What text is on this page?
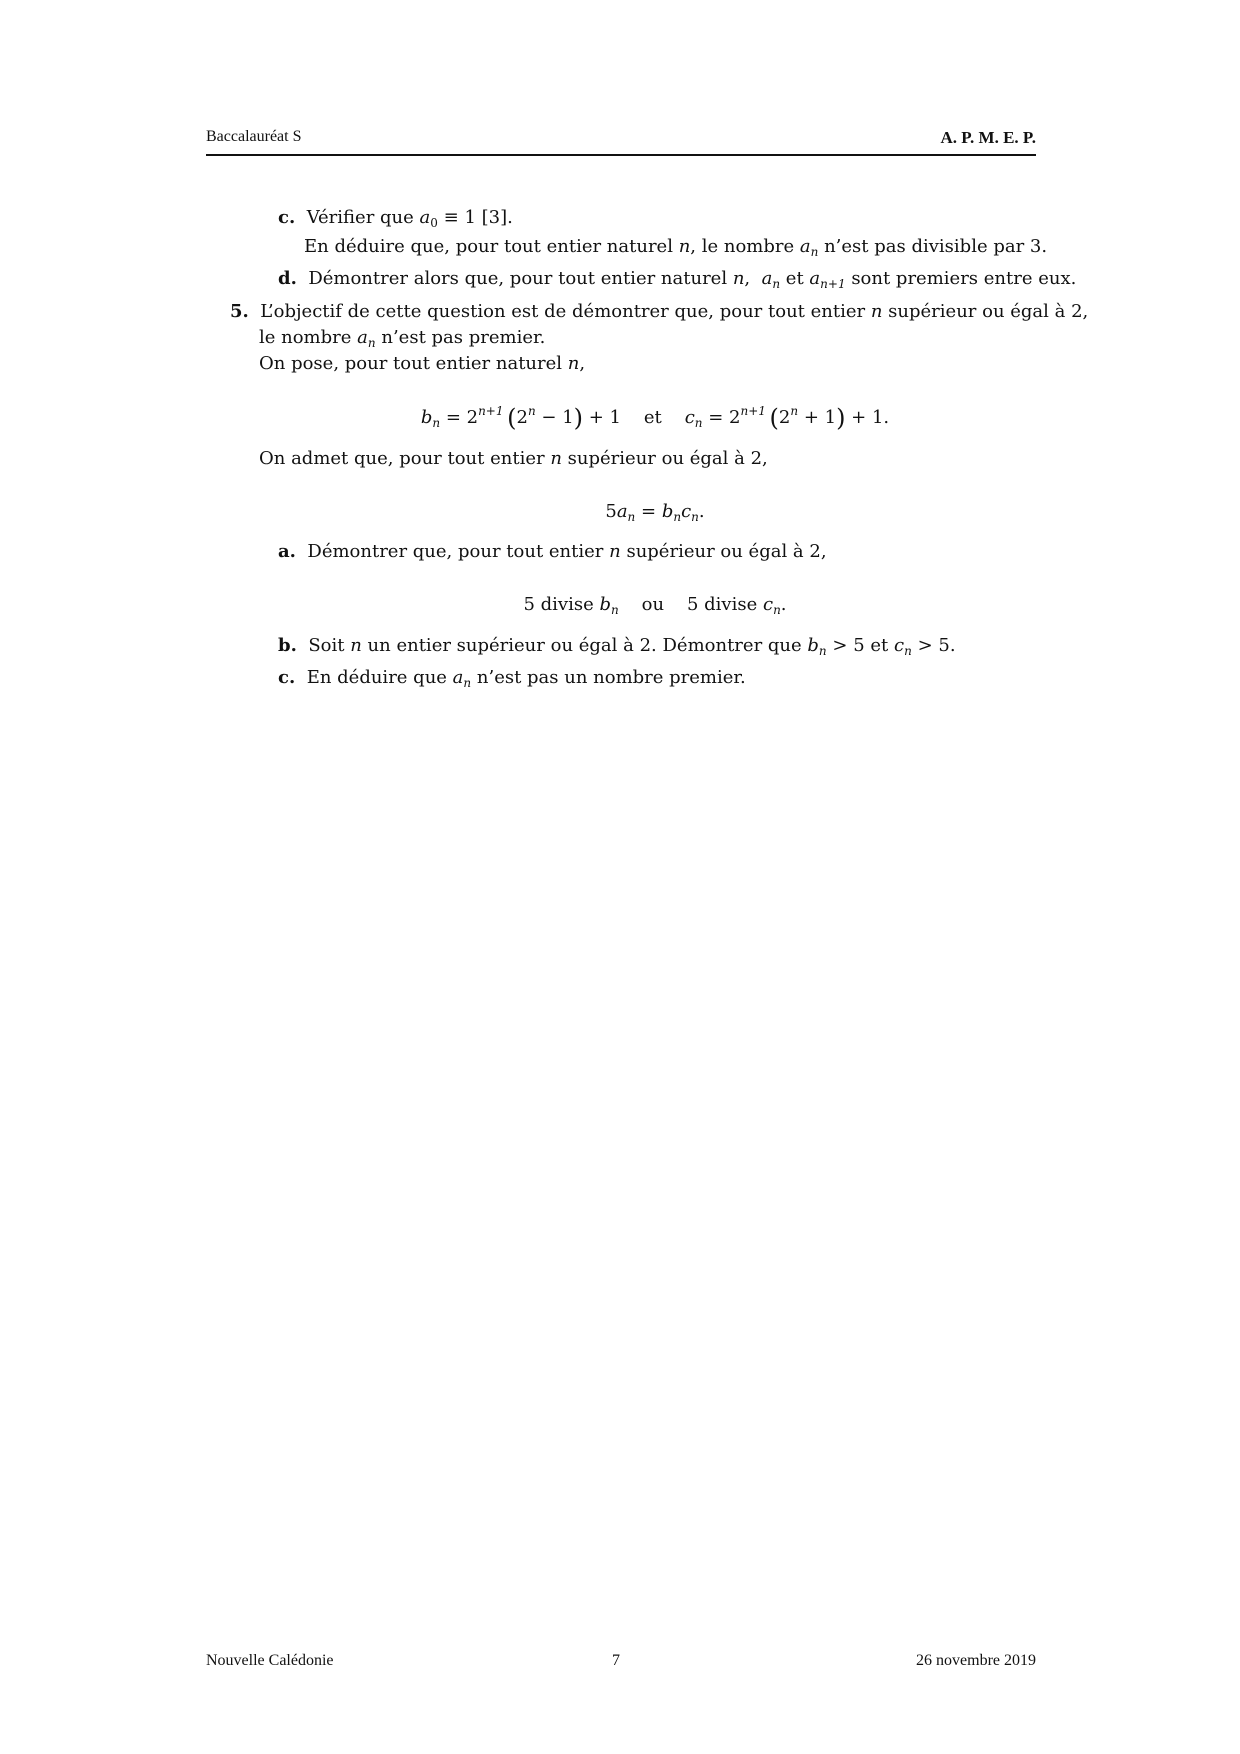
Baccalauréat S	A. P. M. E. P.
c. Vérifier que $a_0 \equiv 1$ [3].
En déduire que, pour tout entier naturel n, le nombre $a_n$ n’est pas divisible par 3.
d. Démontrer alors que, pour tout entier naturel n,  $a_n$ et $a_{n+1}$ sont premiers entre eux.
5. L’objectif de cette question est de démontrer que, pour tout entier n supérieur ou égal à 2,
le nombre $a_n$ n’est pas premier.
On pose, pour tout entier naturel n,
$b_n = 2^{n+1}$  $(2^n - 1) + 1$    et $c_n = 2^{n+1}$  $(2^n + 1) + 1$.
On admet que, pour tout entier n supérieur ou égal à 2,
$5a_n = b_nc_n$.
a. Démontrer que, pour tout entier n supérieur ou égal à 2,
5 divise $b_n$ ou 5 divise $c_n$.
b. Soit n un entier supérieur ou égal à 2. Démontrer que $b_n > 5$ et $c_n > 5$.
c. En déduire que $a_n$ n’est pas un nombre premier.
Nouvelle Calédonie	7	26 novembre 2019
